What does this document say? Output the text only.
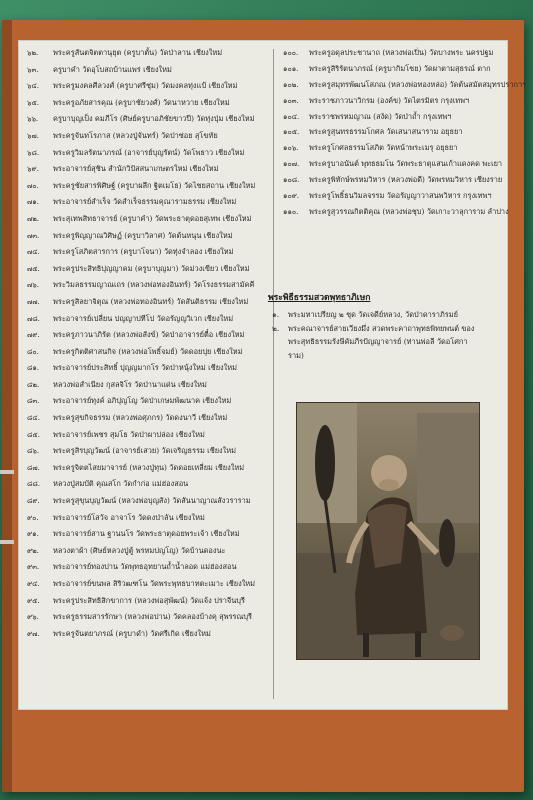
๖๒.	พระครูสันตจิตตานุยุต (ครูบาตั้น) วัดป่าลาน เชียงใหม่
๖๓.	ครูบาคำ วัดอุโบสถบ้านแพร่ เชียงใหม่
๖๔.	พระครูมงคลศีลวงศ์ (ครูบาศรีชุ่ม) วัดมงคลทุ่งเเป้ เชียงใหม่
๖๕.	พระครูอภัยสารคุณ (ครูบาชัยวงศ์) วัดนาหวาย เชียงใหม่
๖๖.	ครูบาบุญเป็ง คมภีโร (ศิษย์ครูบาอภิชัยขาวปี) วัดทุ่งปุ่ม เชียงใหม่
๖๗.	พระครูจันทโรภาส (หลวงปู่จันทร์) วัดป่าซ่อย สุโขทัย
๖๘.	พระครูวิมลรัตนาภรณ์ (อาจารย์บุญรัตน์) วัดโพธาว เชียงใหม่
๖๙.	พระอาจารย์สุชิน สำนักวิปัสสนาเกษตรใหม่ เชียงใหม่
๗๐.	พระครูชัยสารพิศิษฐ์ (ครูบาผลึก ฐิตเมโธ) วัดไชยสถาน เชียงใหม่
๗๑.	พระอาจารย์สำเร็จ วัดสำเร็จธรรมคุณารามธรรม เชียงใหม่
๗๒.	พระสุเทพสิทธาจารย์ (ครูบาคำ) วัดพระธาตุดอยสุเทพ เชียงใหม่
๗๓.	พระครูพิญญาณวิศิษฏ์ (ครูบาวิลาศ) วัดต้นหนุน เชียงใหม่
๗๔.	พระครูโสภิตสารการ (ครูบาโจนา) วัดทุ่งจำลอง เชียงใหม่
๗๕.	พระครูประสิทธิปุญญาคม (ครูบาบุญมา) วัดม่วงเขียว เชียงใหม่
๗๖.	พระวิมลธรรมญาณเถร (หลวงพ่อทองอินทร์) วัดโรงธรรมสามัคคี
๗๗.	พระครูสิลยาจิตุณ (หลวงพ่อทองอินทร์) วัดสันติธรรม เชียงใหม่
๗๘.	พระอาจารย์เปลี่ยน ปญญาปทีโป วัดอรัญญวิเวก เชียงใหม่
๗๙.	พระครูภาวนาภิรัต (หลวงพ่อสังข์) วัดป่าอาจารย์ตื๋อ เชียงใหม่
๘๐.	พระครูกิตติศาสนกิจ (หลวงพ่อโพธิ์จมย์) วัดดอยปุย เชียงใหม่
๘๑.	พระอาจารย์ประสิทธิ์ ปุญญมากโร วัดป่าหนุ้งใหม่ เชียงใหม่
๘๒.	หลวงพ่อสำเนียง กุสลจิโร วัดป่านาแด่น เชียงใหม่
๘๓.	พระอาจารย์ทุงค์ อภิปุญโญ วัดป่าเกษมพัฒนาค เชียงใหม่
๘๔.	พระครูสุขกิจธรรม (หลวงพ่อศุภกร) วัดดงนาวี เชียงใหม่
๘๕.	พระอาจารย์เพชร สุมโธ วัดป่าผาปล่อง เชียงใหม่
๘๖.	พระครูสิรบุญวัฒน์ (อาจารย์เสวย) วัดเจริญธรรม เชียงใหม่
๘๗.	พระครูจิตตไสยมาจารย์ (หลวงปู่ทุน) วัดดอยเหลี่ยม เชียงใหม่
๘๘.	หลวงปู่สมบัติ คุณสโก วัดกำก่อ แม่ฮ่องสอน
๘๙.	พระครูสุขุนบุญวัฒน์ (หลวงพ่อบุญสัง) วัดสันนาญาณสังวราราม
๙๐.	พระอาจารย์โสวัจ อาจาโร วัดดงป่าลัน เชียงใหม่
๙๑.	พระอาจารย์สาน ฐานนโร วัดพระธาตุดอยพระเจ้า เชียงใหม่
๙๒.	หลวงตาผ้า (ศิษย์หลวงปู่ตู้ พรหมปญโญ) วัดบ้านดองนะ
๙๓.	พระอาจารย์ทองปาน วัดพุทธอุทยานถ้ำน้ำลอด แม่ฮ่องสอน
๙๔.	พระอาจารย์ขนพล สิริวฒฑโน วัดพระพุทธบาทตะเมาะ เชียงใหม่
๙๕.	พระครูประสิทธิสิกขาการ (หลวงพ่อสุพัฒน์) วัดแจ้ง ปราจีนบุรี
๙๖.	พระครูธรรมสารรักษา (หลวงพ่อปาน) วัดคลองบ้างคุ สุพรรณบุรี
๙๗.	พระครูจันตยาภรณ์ (ครูบาดำ) วัดศรีเกิด เชียงใหม่
๑๐๐.	พระครูอดุลประชานาถ (หลวงพ่อเปิ่น) วัดบางพระ นครปฐม
๑๐๑.	พระครูสิริรัตนาภรณ์ (ครูบากิมโชย) วัดผาตามสุธรณ์ ตาก
๑๐๒.	พระครูสมุทรพัฒนโสภณ (หลวงพ่อทองหล่อ) วัดต้นสมัตสมุทรปราการ
๑๐๓.	พระราชภาวนาวิกรม (องค์ข) วัดไตรมิตร กรุงเทพฯ
๑๐๔.	พระราชพรหมญาณ (สงัด) วัดป่าถ้ำ กรุงเทพฯ
๑๐๕.	พระครูสุนทรธรรมโกศล วัดเสนาสนาราม อยุธยา
๑๐๖.	พระครูโกศลธรรมโสภิต วัดหน้าพระเมรุ อยุธยา
๑๐๗.	พระครูบาอนันต์ พุทธธมโน วัดพระธาตุแสนเก้าแดงคด พะเยา
๑๐๘.	พระครูพิทักษ์พรหมวิหาร (หลวงพ่อดี) วัดพรหมวิหาร เชียงราย
๑๐๙.	พระครูโพธิ์ธนวิมลจรรม วัดอรัญญาวาสนพวิหาร กรุงเทพฯ
๑๑๐.	พระครูสุวรรณกิตติคุณ (หลวงพ่อชุบ) วัดเกาะวาลุการาม ลำปาง
พระพิธีธรรมสวดพุทธาภิเษก
๑.	พระมหาเปรียญ ๒ ชุด วัดเจดีย์หลวง, วัดป่าดาราภิรมย์
๒.	พระคณาจารย์สายเวียงมึ่ง สวดพระคาถาพุทธพิทยพนต์ ของพระสุทธิธรรมรังษีคัมภีรปัญญาจารย์ (ท่านพ่อลี วัดอโศการาม)
